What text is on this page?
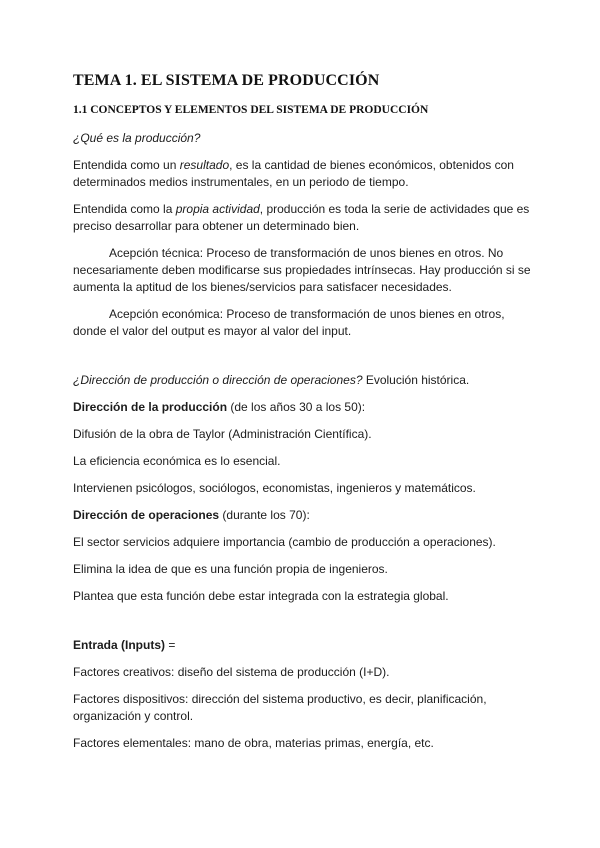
TEMA 1. EL SISTEMA DE PRODUCCIÓN
1.1 CONCEPTOS Y ELEMENTOS DEL SISTEMA DE PRODUCCIÓN

¿Qué es la producción?

Entendida como un resultado, es la cantidad de bienes económicos, obtenidos con determinados medios instrumentales, en un periodo de tiempo.

Entendida como la propia actividad, producción es toda la serie de actividades que es preciso desarrollar para obtener un determinado bien.

Acepción técnica: Proceso de transformación de unos bienes en otros. No necesariamente deben modificarse sus propiedades intrínsecas. Hay producción si se aumenta la aptitud de los bienes/servicios para satisfacer necesidades.

Acepción económica: Proceso de transformación de unos bienes en otros, donde el valor del output es mayor al valor del input.

¿Dirección de producción o dirección de operaciones? Evolución histórica.

Dirección de la producción (de los años 30 a los 50):

Difusión de la obra de Taylor (Administración Científica).

La eficiencia económica es lo esencial.

Intervienen psicólogos, sociólogos, economistas, ingenieros y matemáticos.

Dirección de operaciones (durante los 70):

El sector servicios adquiere importancia (cambio de producción a operaciones).

Elimina la idea de que es una función propia de ingenieros.

Plantea que esta función debe estar integrada con la estrategia global.

Entrada (Inputs) =

Factores creativos: diseño del sistema de producción (I+D).

Factores dispositivos: dirección del sistema productivo, es decir, planificación, organización y control.

Factores elementales: mano de obra, materias primas, energía, etc.
